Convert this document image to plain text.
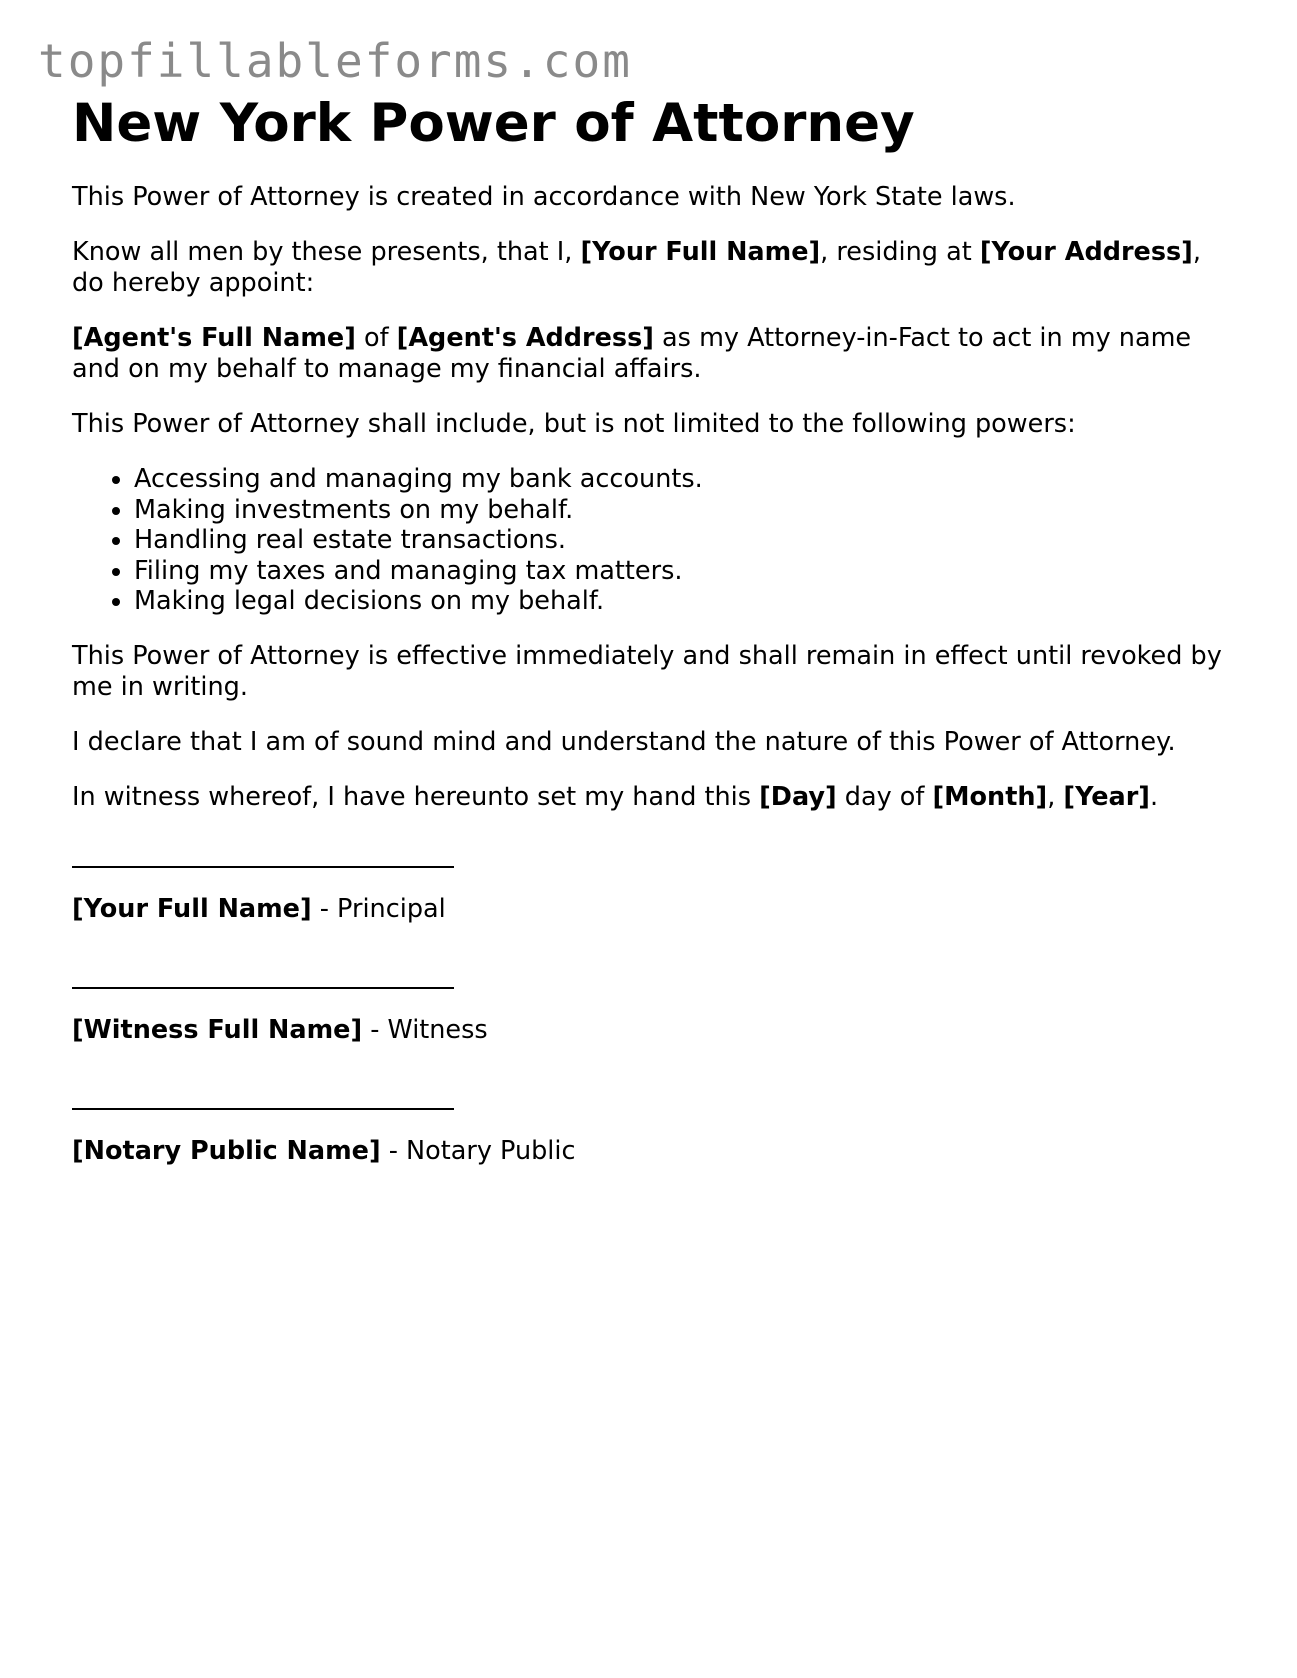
topfillableforms.com
New York Power of Attorney

This Power of Attorney is created in accordance with New York State laws.

Know all men by these presents, that I, [Your Full Name], residing at [Your Address], do hereby appoint:

[Agent's Full Name] of [Agent's Address] as my Attorney-in-Fact to act in my name and on my behalf to manage my financial affairs.

This Power of Attorney shall include, but is not limited to the following powers:

• Accessing and managing my bank accounts.
• Making investments on my behalf.
• Handling real estate transactions.
• Filing my taxes and managing tax matters.
• Making legal decisions on my behalf.

This Power of Attorney is effective immediately and shall remain in effect until revoked by me in writing.

I declare that I am of sound mind and understand the nature of this Power of Attorney.

In witness whereof, I have hereunto set my hand this [Day] day of [Month], [Year].

[Your Full Name] - Principal

[Witness Full Name] - Witness

[Notary Public Name] - Notary Public
